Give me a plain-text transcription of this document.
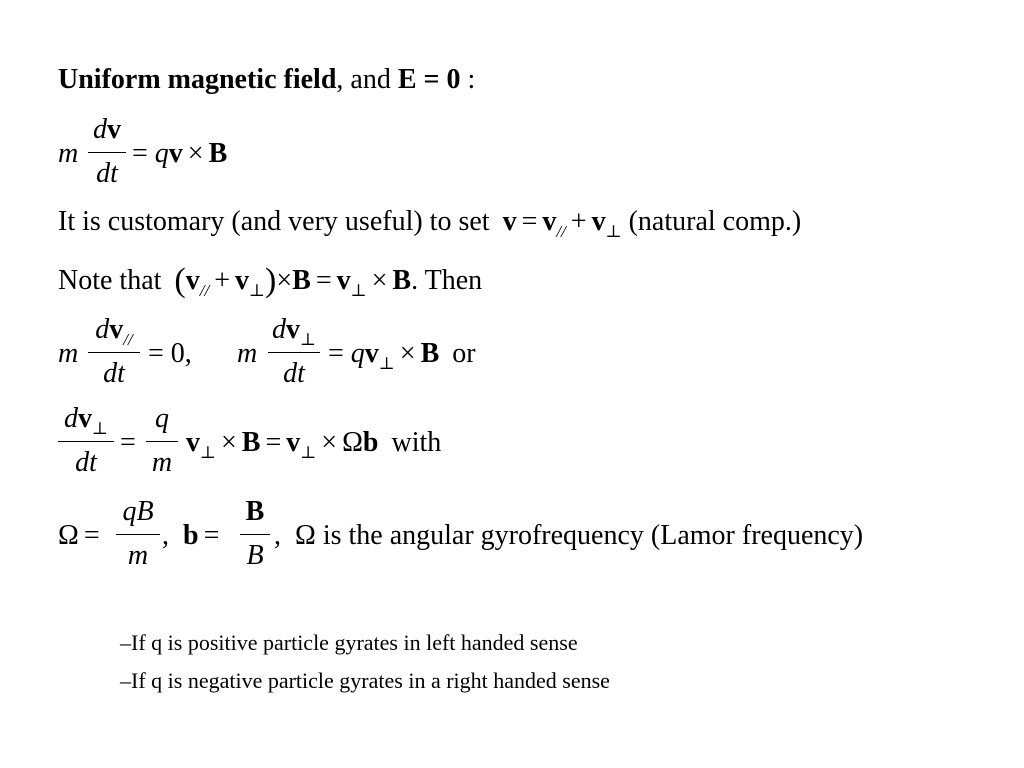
Uniform magnetic field, and E = 0 :
m
dv
dt
= qv × B
It is customary (and very useful) to set $v = v_{//} + v_\perp$ (natural comp.)
Note that $(v_{//} + v_\perp)\times B = v_\perp \times B$. Then
m
$dv_{//}$
dt
= 0, m
$dv_\perp$
dt
= $qv_\perp \times B$ or
$dv_\perp$
dt
=
q
m
$v_\perp \times B = v_\perp \times \Omega b$ with
Ω =
qB
m
, b =
B
B
, Ω is the angular gyrofrequency (Lamor frequency)
–If q is positive particle gyrates in left handed sense
–If q is negative particle gyrates in a right handed sense
